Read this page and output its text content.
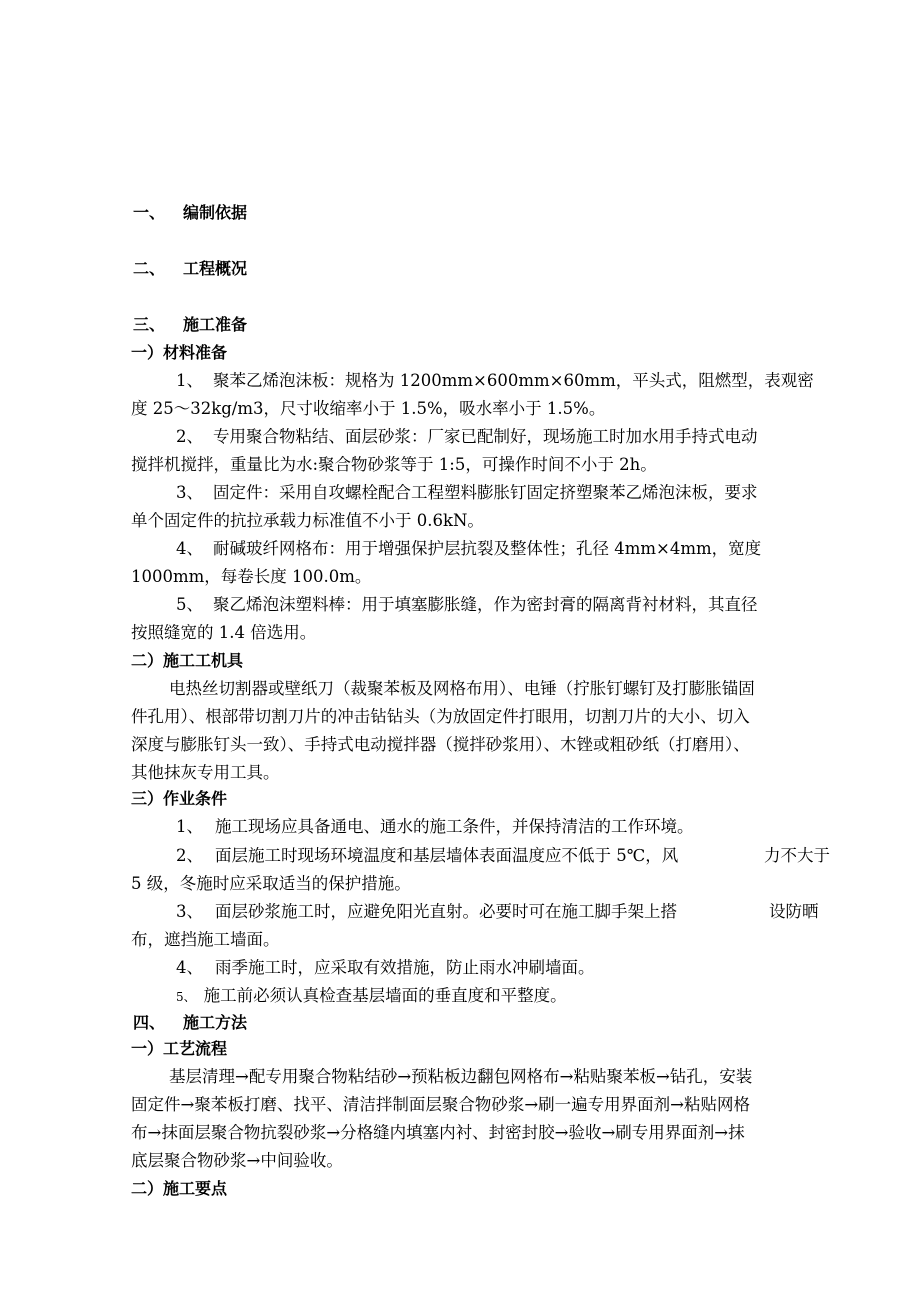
一、 编制依据
二、 工程概况
三、 施工准备
一）材料准备
1、 聚苯乙烯泡沫板：规格为 1200mm×600mm×60mm，平头式，阻燃型，表观密
度 25～32kg/m3，尺寸收缩率小于 1.5%，吸水率小于 1.5%。
2、 专用聚合物粘结、面层砂浆：厂家已配制好，现场施工时加水用手持式电动
搅拌机搅拌，重量比为水:聚合物砂浆等于 1:5，可操作时间不小于 2h。
3、 固定件：采用自攻螺栓配合工程塑料膨胀钉固定挤塑聚苯乙烯泡沫板，要求
单个固定件的抗拉承载力标准值不小于 0.6kN。
4、 耐碱玻纤网格布：用于增强保护层抗裂及整体性；孔径 4mm×4mm，宽度
1000mm，每卷长度 100.0m。
5、 聚乙烯泡沫塑料棒：用于填塞膨胀缝，作为密封膏的隔离背衬材料，其直径
按照缝宽的 1.4 倍选用。
二）施工工机具
电热丝切割器或壁纸刀（裁聚苯板及网格布用）、电锤（拧胀钉螺钉及打膨胀锚固
件孔用）、根部带切割刀片的冲击钻钻头（为放固定件打眼用，切割刀片的大小、切入
深度与膨胀钉头一致）、手持式电动搅拌器（搅拌砂浆用）、木锉或粗砂纸（打磨用）、
其他抹灰专用工具。
三）作业条件
1、 施工现场应具备通电、通水的施工条件，并保持清洁的工作环境。
2、 面层施工时现场环境温度和基层墙体表面温度应不低于 5℃，风	力不大于
5 级，冬施时应采取适当的保护措施。
3、 面层砂浆施工时，应避免阳光直射。必要时可在施工脚手架上搭	设防晒
布，遮挡施工墙面。
4、 雨季施工时，应采取有效措施，防止雨水冲刷墙面。
5、 施工前必须认真检查基层墙面的垂直度和平整度。
四、 施工方法
一）工艺流程
基层清理→配专用聚合物粘结砂→预粘板边翻包网格布→粘贴聚苯板→钻孔，安装
固定件→聚苯板打磨、找平、清洁拌制面层聚合物砂浆→刷一遍专用界面剂→粘贴网格
布→抹面层聚合物抗裂砂浆→分格缝内填塞内衬、封密封胶→验收→刷专用界面剂→抹
底层聚合物砂浆→中间验收。
二）施工要点
